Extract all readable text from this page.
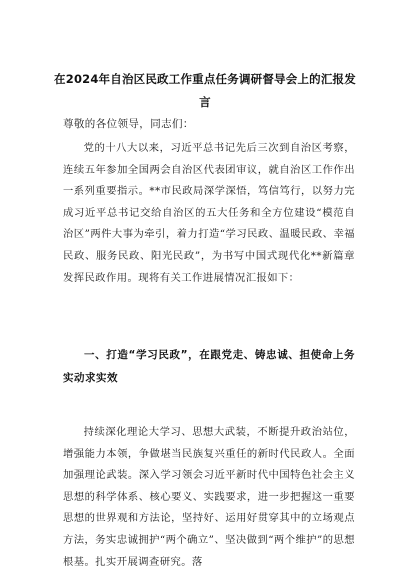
在2024年自治区民政工作重点任务调研督导会上的汇报发言

尊敬的各位领导，同志们：

党的十八大以来，习近平总书记先后三次到自治区考察，连续五年参加全国两会自治区代表团审议，就自治区工作作出一系列重要指示。**市民政局深学深悟，笃信笃行，以努力完成习近平总书记交给自治区的五大任务和全方位建设“模范自治区”两件大事为牵引，着力打造“学习民政、温暖民政、幸福民政、服务民政、阳光民政”，为书写中国式现代化**新篇章发挥民政作用。现将有关工作进展情况汇报如下：

一、打造“学习民政”，在跟党走、铸忠诚、担使命上务实动求实效

持续深化理论大学习、思想大武装，不断提升政治站位，增强能力本领，争做堪当民族复兴重任的新时代民政人。全面加强理论武装。深入学习领会习近平新时代中国特色社会主义思想的科学体系、核心要义、实践要求，进一步把握这一重要思想的世界观和方法论，坚持好、运用好贯穿其中的立场观点方法，务实忠诚拥护“两个确立”、坚决做到“两个维护”的思想根基。扎实开展调查研究。落
